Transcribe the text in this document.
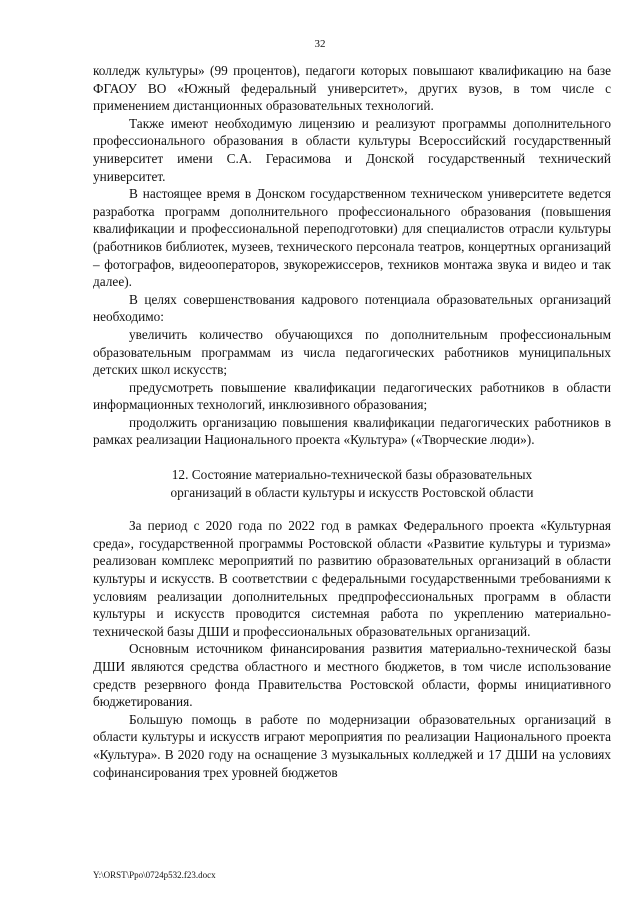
32

колледж культуры» (99 процентов), педагоги которых повышают квалификацию на базе ФГАОУ ВО «Южный федеральный университет», других вузов, в том числе с применением дистанционных образовательных технологий.

Также имеют необходимую лицензию и реализуют программы дополнительного профессионального образования в области культуры Всероссийский государственный университет имени С.А. Герасимова и Донской государственный технический университет.

В настоящее время в Донском государственном техническом университете ведется разработка программ дополнительного профессионального образования (повышения квалификации и профессиональной переподготовки) для специалистов отрасли культуры (работников библиотек, музеев, технического персонала театров, концертных организаций – фотографов, видеооператоров, звукорежиссеров, техников монтажа звука и видео и так далее).

В целях совершенствования кадрового потенциала образовательных организаций необходимо:

увеличить количество обучающихся по дополнительным профессиональным образовательным программам из числа педагогических работников муниципальных детских школ искусств;

предусмотреть повышение квалификации педагогических работников в области информационных технологий, инклюзивного образования;

продолжить организацию повышения квалификации педагогических работников в рамках реализации Национального проекта «Культура» («Творческие люди»).

12. Состояние материально-технической базы образовательных
организаций в области культуры и искусств Ростовской области

За период с 2020 года по 2022 год в рамках Федерального проекта «Культурная среда», государственной программы Ростовской области «Развитие культуры и туризма» реализован комплекс мероприятий по развитию образовательных организаций в области культуры и искусств. В соответствии с федеральными государственными требованиями к условиям реализации дополнительных предпрофессиональных программ в области культуры и искусств проводится системная работа по укреплению материально-технической базы ДШИ и профессиональных образовательных организаций.

Основным источником финансирования развития материально-технической базы ДШИ являются средства областного и местного бюджетов, в том числе использование средств резервного фонда Правительства Ростовской области, формы инициативного бюджетирования.

Большую помощь в работе по модернизации образовательных организаций в области культуры и искусств играют мероприятия по реализации Национального проекта «Культура». В 2020 году на оснащение 3 музыкальных колледжей и 17 ДШИ на условиях софинансирования трех уровней бюджетов

Y:\ORST\Ppo\0724p532.f23.docx
